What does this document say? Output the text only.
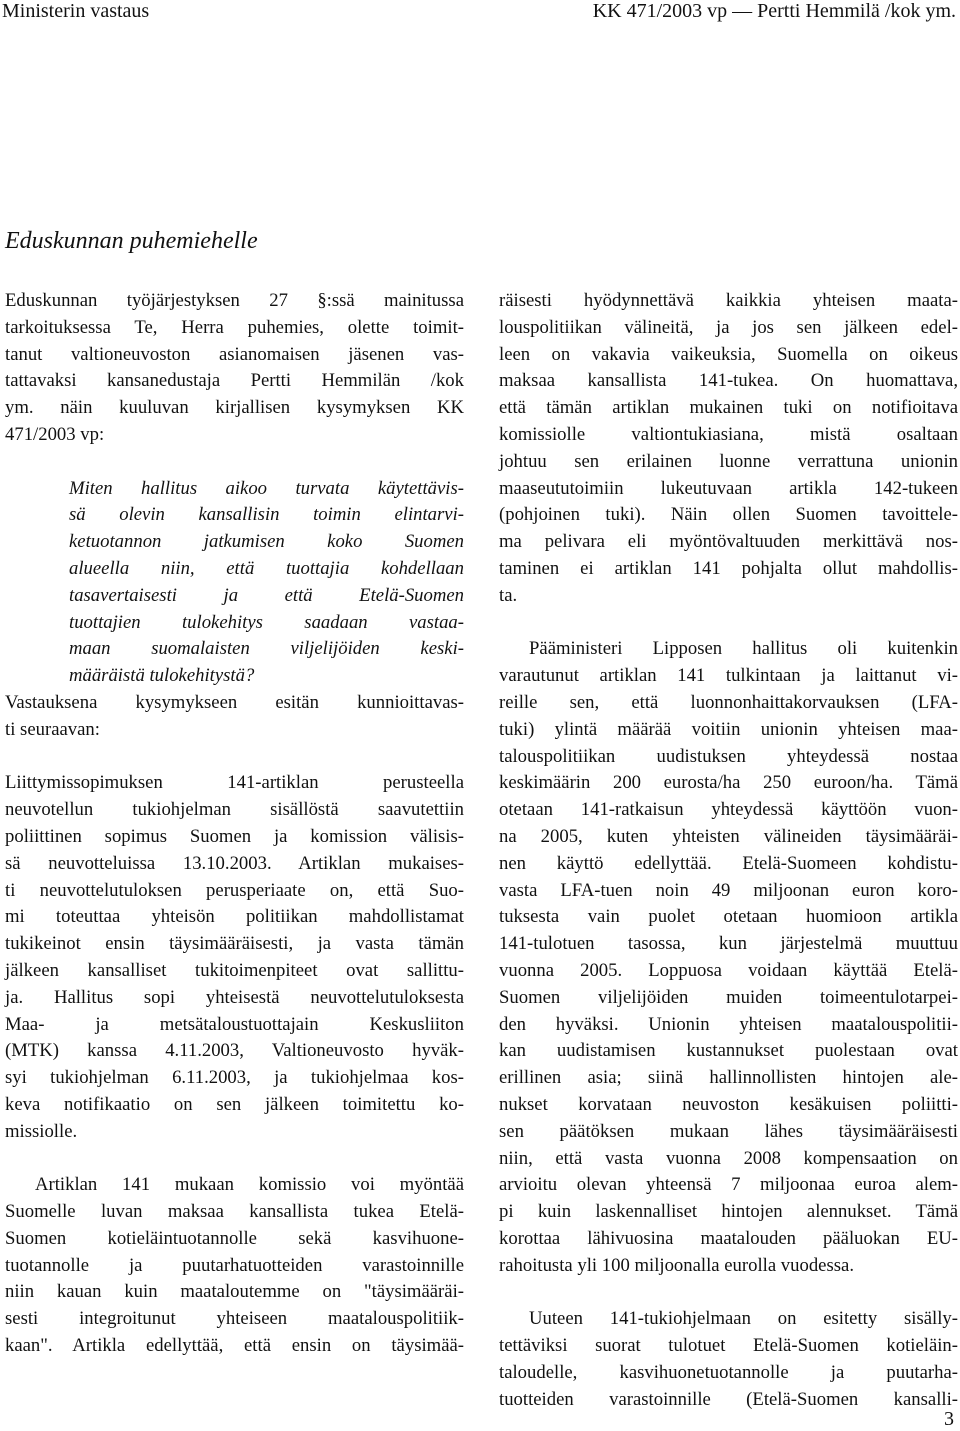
Ministerin vastaus	KK 471/2003 vp — Pertti Hemmilä /kok ym.
Eduskunnan puhemiehelle
Eduskunnan työjärjestyksen 27 §:ssä mainitussa
tarkoituksessa Te, Herra puhemies, olette toimit-
tanut valtioneuvoston asianomaisen jäsenen vas-
tattavaksi kansanedustaja Pertti Hemmilän /kok
ym. näin kuuluvan kirjallisen kysymyksen KK
471/2003 vp:
Miten hallitus aikoo turvata käytettävis-
sä olevin kansallisin toimin elintarvi-
ketuotannon jatkumisen koko Suomen
alueella niin, että tuottajia kohdellaan
tasavertaisesti ja että Etelä-Suomen
tuottajien tulokehitys saadaan vastaa-
maan suomalaisten viljelijöiden keski-
määräistä tulokehitystä?
Vastauksena kysymykseen esitän kunnioittavas-
ti seuraavan:
Liittymissopimuksen 141-artiklan perusteella
neuvotellun tukiohjelman sisällöstä saavutettiin
poliittinen sopimus Suomen ja komission välisis-
sä neuvotteluissa 13.10.2003. Artiklan mukaises-
ti neuvottelutuloksen perusperiaate on, että Suo-
mi toteuttaa yhteisön politiikan mahdollistamat
tukikeinot ensin täysimääräisesti, ja vasta tämän
jälkeen kansalliset tukitoimenpiteet ovat sallittu-
ja. Hallitus sopi yhteisestä neuvottelutuloksesta
Maa- ja metsätaloustuottajain Keskusliiton
(MTK) kanssa 4.11.2003, Valtioneuvosto hyväk-
syi tukiohjelman 6.11.2003, ja tukiohjelmaa kos-
keva notifikaatio on sen jälkeen toimitettu ko-
missiolle.
Artiklan 141 mukaan komissio voi myöntää
Suomelle luvan maksaa kansallista tukea Etelä-
Suomen kotieläintuotannolle sekä kasvihuone-
tuotannolle ja puutarhatuotteiden varastoinnille
niin kauan kuin maataloutemme on "täysimääräi-
sesti integroitunut yhteiseen maatalouspolitiik-
kaan". Artikla edellyttää, että ensin on täysimää-
räisesti hyödynnettävä kaikkia yhteisen maata-
louspolitiikan välineitä, ja jos sen jälkeen edel-
leen on vakavia vaikeuksia, Suomella on oikeus
maksaa kansallista 141-tukea. On huomattava,
että tämän artiklan mukainen tuki on notifioitava
komissiolle valtiontukiasiana, mistä osaltaan
johtuu sen erilainen luonne verrattuna unionin
maaseututoimiin lukeutuvaan artikla 142-tukeen
(pohjoinen tuki). Näin ollen Suomen tavoittele-
ma pelivara eli myöntövaltuuden merkittävä nos-
taminen ei artiklan 141 pohjalta ollut mahdollis-
ta.
Pääministeri Lipposen hallitus oli kuitenkin
varautunut artiklan 141 tulkintaan ja laittanut vi-
reille sen, että luonnonhaittakorvauksen (LFA-
tuki) ylintä määrää voitiin unionin yhteisen maa-
talouspolitiikan uudistuksen yhteydessä nostaa
keskimäärin 200 eurosta/ha 250 euroon/ha. Tämä
otetaan 141-ratkaisun yhteydessä käyttöön vuon-
na 2005, kuten yhteisten välineiden täysimääräi-
nen käyttö edellyttää. Etelä-Suomeen kohdistu-
vasta LFA-tuen noin 49 miljoonan euron koro-
tuksesta vain puolet otetaan huomioon artikla
141-tulotuen tasossa, kun järjestelmä muuttuu
vuonna 2005. Loppuosa voidaan käyttää Etelä-
Suomen viljelijöiden muiden toimeentulotarpei-
den hyväksi. Unionin yhteisen maatalouspolitii-
kan uudistamisen kustannukset puolestaan ovat
erillinen asia; siinä hallinnollisten hintojen ale-
nukset korvataan neuvoston kesäkuisen poliitti-
sen päätöksen mukaan lähes täysimääräisesti
niin, että vasta vuonna 2008 kompensaation on
arvioitu olevan yhteensä 7 miljoonaa euroa alem-
pi kuin laskennalliset hintojen alennukset. Tämä
korottaa lähivuosina maatalouden pääluokan EU-
rahoitusta yli 100 miljoonalla eurolla vuodessa.
Uuteen 141-tukiohjelmaan on esitetty sisälly-
tettäviksi suorat tulotuet Etelä-Suomen kotieläin-
taloudelle, kasvihuonetuotannolle ja puutarha-
tuotteiden varastoinnille (Etelä-Suomen kansalli-
3
